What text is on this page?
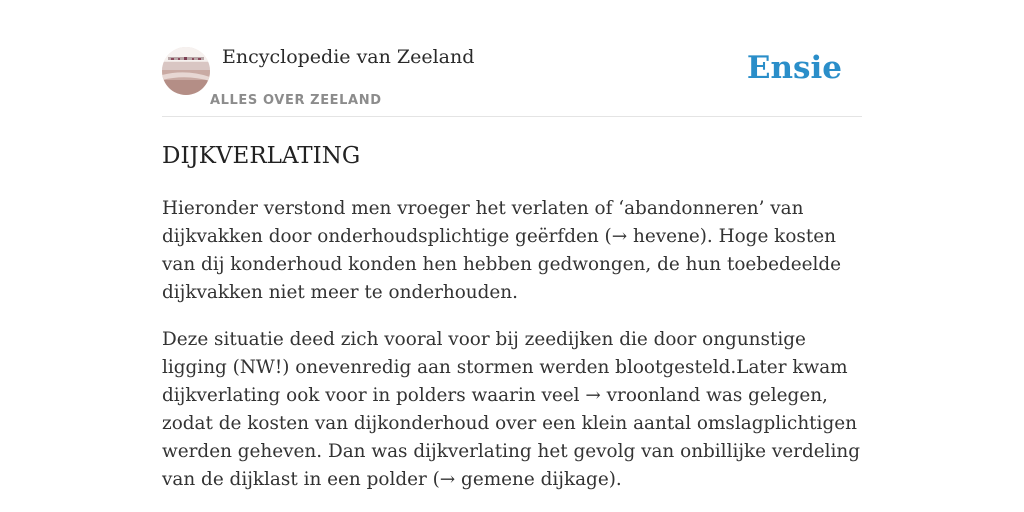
Encyclopedie van Zeeland
ALLES OVER ZEELAND
Ensie
DIJKVERLATING

Hieronder verstond men vroeger het verlaten of ‘abandonneren’ van dijkvakken door onderhoudsplichtige geërfden (→ hevene). Hoge kosten van dij konderhoud konden hen hebben gedwongen, de hun toebedeelde dijkvakken niet meer te onderhouden.

Deze situatie deed zich vooral voor bij zeedijken die door ongunstige ligging (NW!) onevenredig aan stormen werden blootgesteld.Later kwam dijkverlating ook voor in polders waarin veel → vroonland was gelegen, zodat de kosten van dijkonderhoud over een klein aantal omslagplichtigen werden geheven. Dan was dijkverlating het gevolg van onbillijke verdeling van de dijklast in een polder (→ gemene dijkage).
